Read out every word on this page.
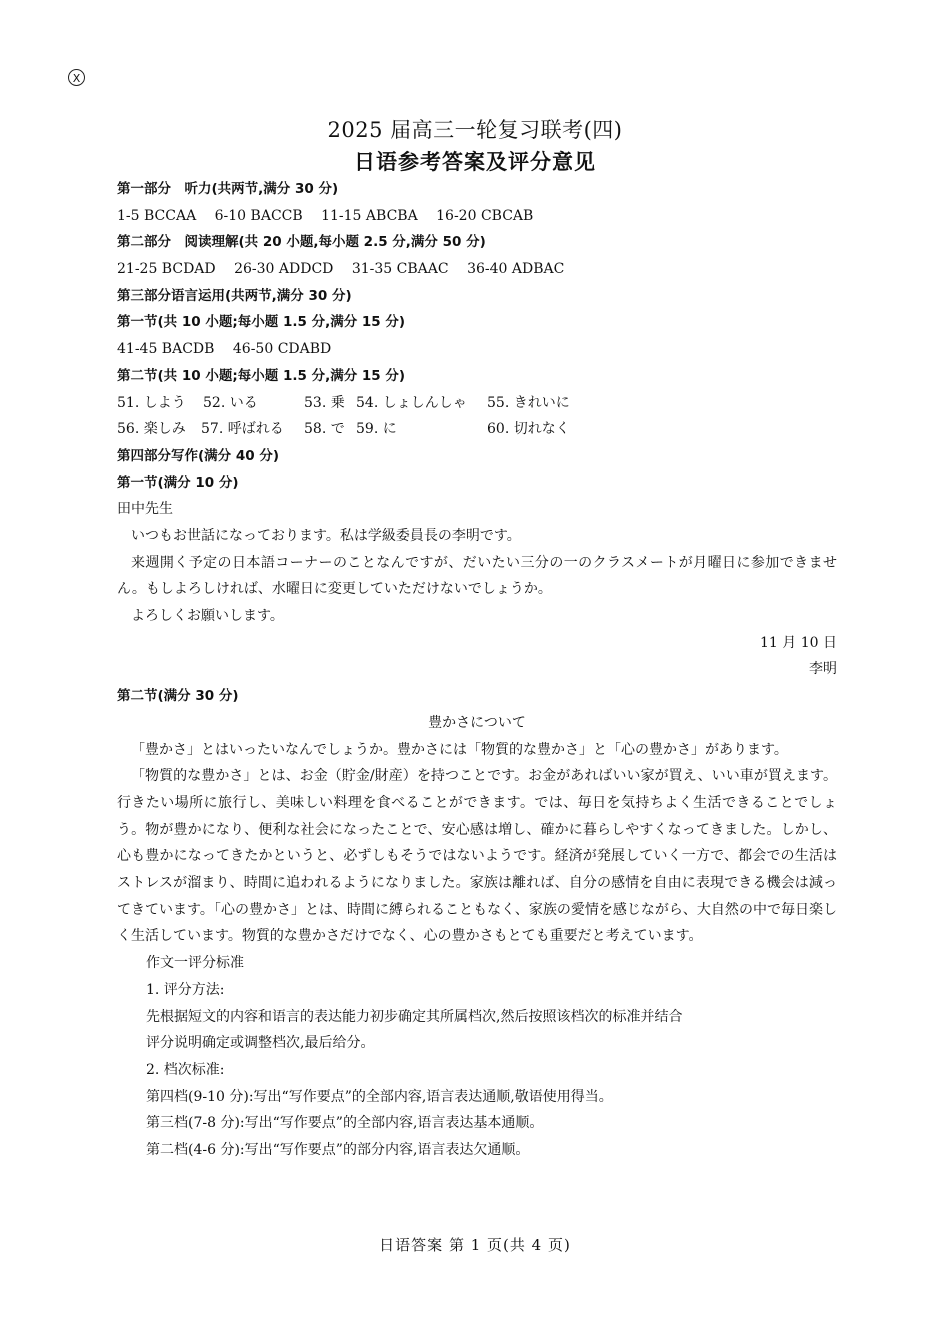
X
2025 届高三一轮复习联考(四)
日语参考答案及评分意见
第一部分　听力(共两节,满分 30 分)
1-5 BCCAA 6-10 BACCB 11-15 ABCBA 16-20 CBCAB
第二部分　阅读理解(共 20 小题,每小题 2.5 分,满分 50 分)
21-25 BCDAD 26-30 ADDCD 31-35 CBAAC 36-40 ADBAC
第三部分语言运用(共两节,满分 30 分)
第一节(共 10 小题;每小题 1.5 分,满分 15 分)
41-45 BACDB 46-50 CDABD
第二节(共 10 小题;每小题 1.5 分,满分 15 分)
51. しよう	52. いる	53. 乗 54. しょしんしゃ	55. きれいに
56. 楽しみ	57. 呼ばれる	58. で 59. に	60. 切れなく
第四部分写作(满分 40 分)
第一节(满分 10 分)
田中先生
いつもお世話になっております。私は学級委員長の李明です。
来週開く予定の日本語コーナーのことなんですが、だいたい三分の一のクラスメートが月曜日に参加できません。もしよろしければ、水曜日に変更していただけないでしょうか。
よろしくお願いします。
11 月 10 日
李明
第二节(满分 30 分)
豊かさについて
「豊かさ」とはいったいなんでしょうか。豊かさには「物質的な豊かさ」と「心の豊かさ」があります。
「物質的な豊かさ」とは、お金（貯金/財産）を持つことです。お金があればいい家が買え、いい車が買えます。行きたい場所に旅行し、美味しい料理を食べることができます。では、毎日を気持ちよく生活できることでしょう。物が豊かになり、便利な社会になったことで、安心感は増し、確かに暮らしやすくなってきました。しかし、心も豊かになってきたかというと、必ずしもそうではないようです。経済が発展していく一方で、都会での生活はストレスが溜まり、時間に追われるようになりました。家族は離れば、自分の感情を自由に表現できる機会は減ってきています。「心の豊かさ」とは、時間に縛られることもなく、家族の愛情を感じながら、大自然の中で毎日楽しく生活しています。物質的な豊かさだけでなく、心の豊かさもとても重要だと考えています。
作文一评分标准
1. 评分方法:
先根据短文的内容和语言的表达能力初步确定其所属档次,然后按照该档次的标准并结合
评分说明确定或调整档次,最后给分。
2. 档次标准:
第四档(9-10 分):写出“写作要点”的全部内容,语言表达通顺,敬语使用得当。
第三档(7-8 分):写出“写作要点”的全部内容,语言表达基本通顺。
第二档(4-6 分):写出“写作要点”的部分内容,语言表达欠通顺。
日语答案 第 1 页(共 4 页)
